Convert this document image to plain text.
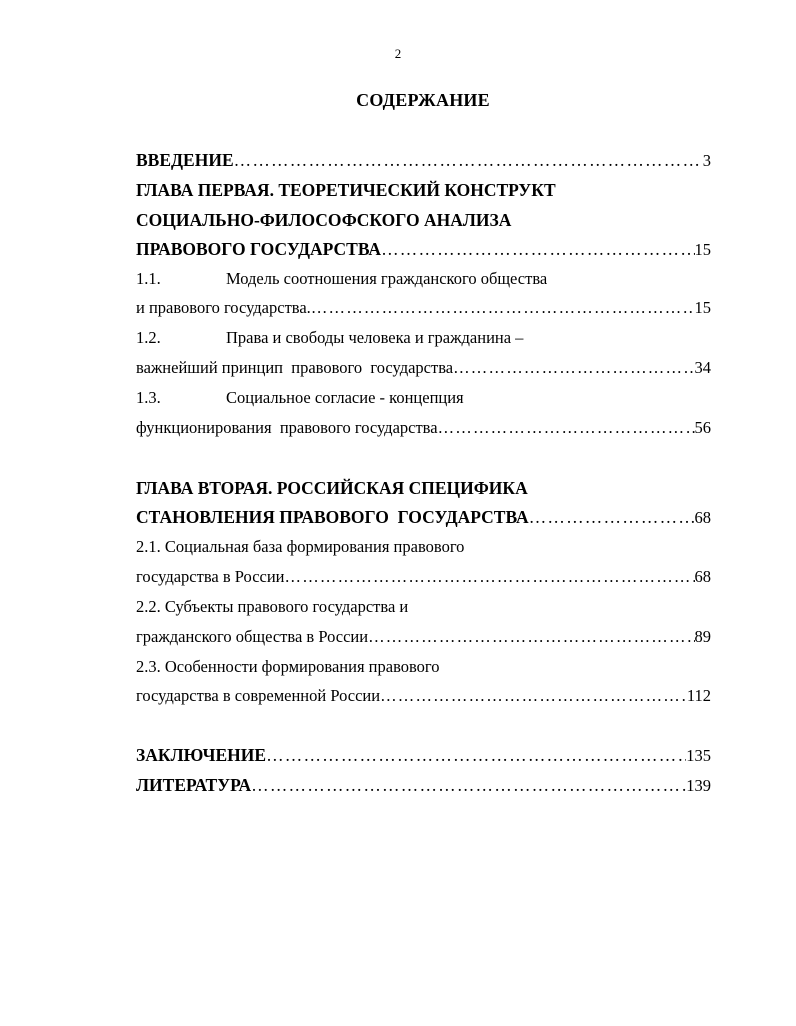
2
СОДЕРЖАНИЕ
ВВЕДЕНИЕ ……………………………………………………………………………………………………………………………………………………………………………	3
ГЛАВА ПЕРВАЯ. ТЕОРЕТИЧЕСКИЙ КОНСТРУКТ
СОЦИАЛЬНО-ФИЛОСОФСКОГО АНАЛИЗА
ПРАВОВОГО ГОСУДАРСТВА ……………………………………………………………………………………………………………………………………………………………………………	15
1.1.	Модель соотношения гражданского общества
и правового государства. ……………………………………………………………………………………………………………………………………………………………………………	15
1.2.	Права и свободы человека и гражданина –
важнейший принцип  правового  государства ……………………………………………………………………………………………………………………………………………………………………………	34
1.3.	Социальное согласие - концепция
функционирования  правового государства ……………………………………………………………………………………………………………………………………………………………………………	56
ГЛАВА ВТОРАЯ. РОССИЙСКАЯ СПЕЦИФИКА
СТАНОВЛЕНИЯ ПРАВОВОГО  ГОСУДАРСТВА ……………………………………………………………………………………………………………………………………………………………………………	68
2.1. Социальная база формирования правового
государства в России ……………………………………………………………………………………………………………………………………………………………………………	68
2.2. Субъекты правового государства и
гражданского общества в России ……………………………………………………………………………………………………………………………………………………………………………	89
2.3. Особенности формирования правового
государства в современной России ……………………………………………………………………………………………………………………………………………………………………………	112
ЗАКЛЮЧЕНИЕ ……………………………………………………………………………………………………………………………………………………………………………	135
ЛИТЕРАТУРА ……………………………………………………………………………………………………………………………………………………………………………	139
